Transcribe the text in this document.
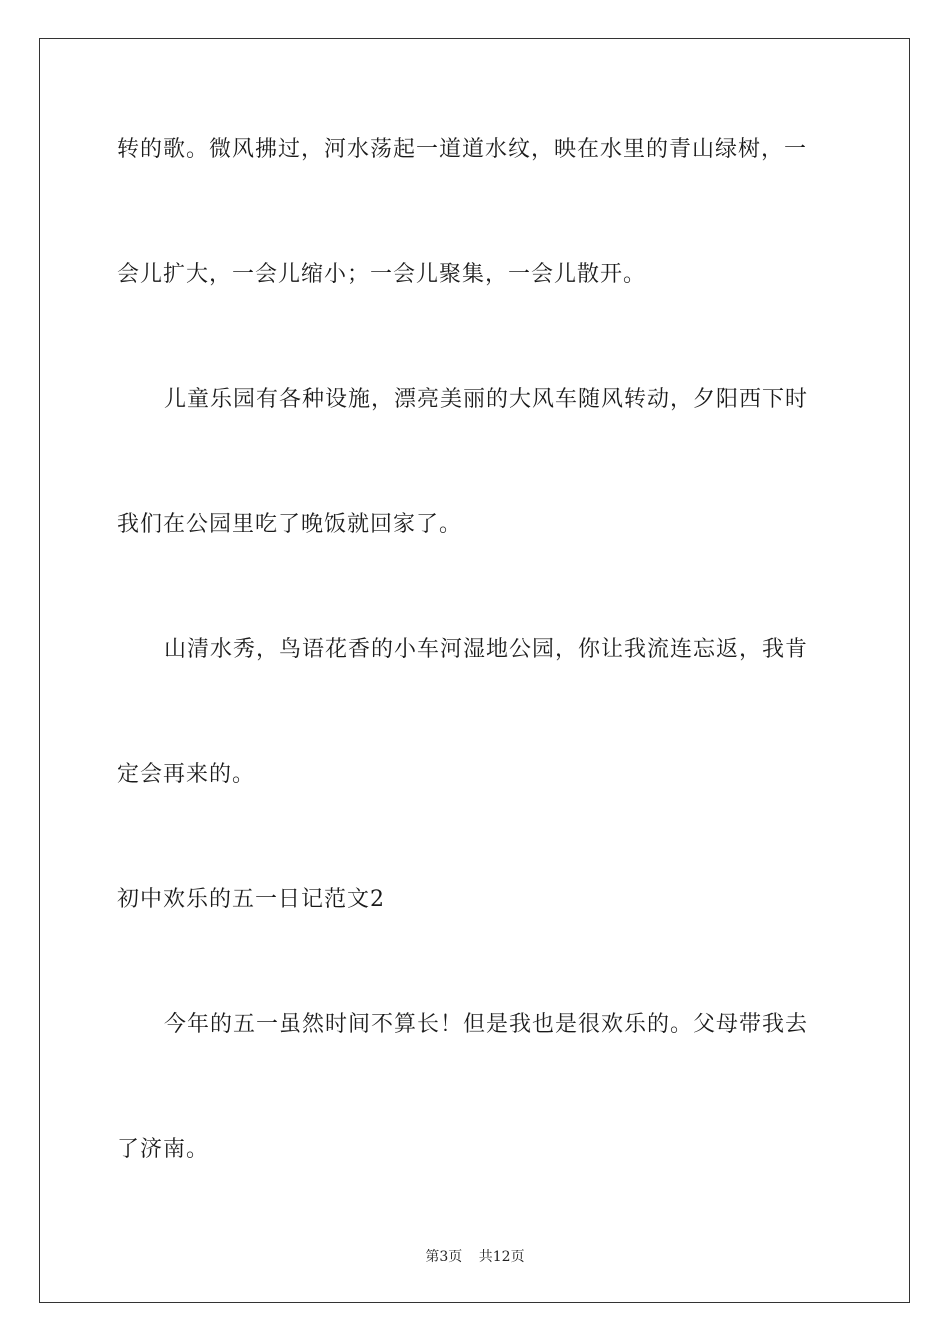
转的歌。微风拂过，河水荡起一道道水纹，映在水里的青山绿树，一
会儿扩大，一会儿缩小；一会儿聚集，一会儿散开。
儿童乐园有各种设施，漂亮美丽的大风车随风转动，夕阳西下时
我们在公园里吃了晚饭就回家了。
山清水秀，鸟语花香的小车河湿地公园，你让我流连忘返，我肯
定会再来的。
初中欢乐的五一日记范文2
今年的五一虽然时间不算长！但是我也是很欢乐的。父母带我去
了济南。
第3页 共12页
